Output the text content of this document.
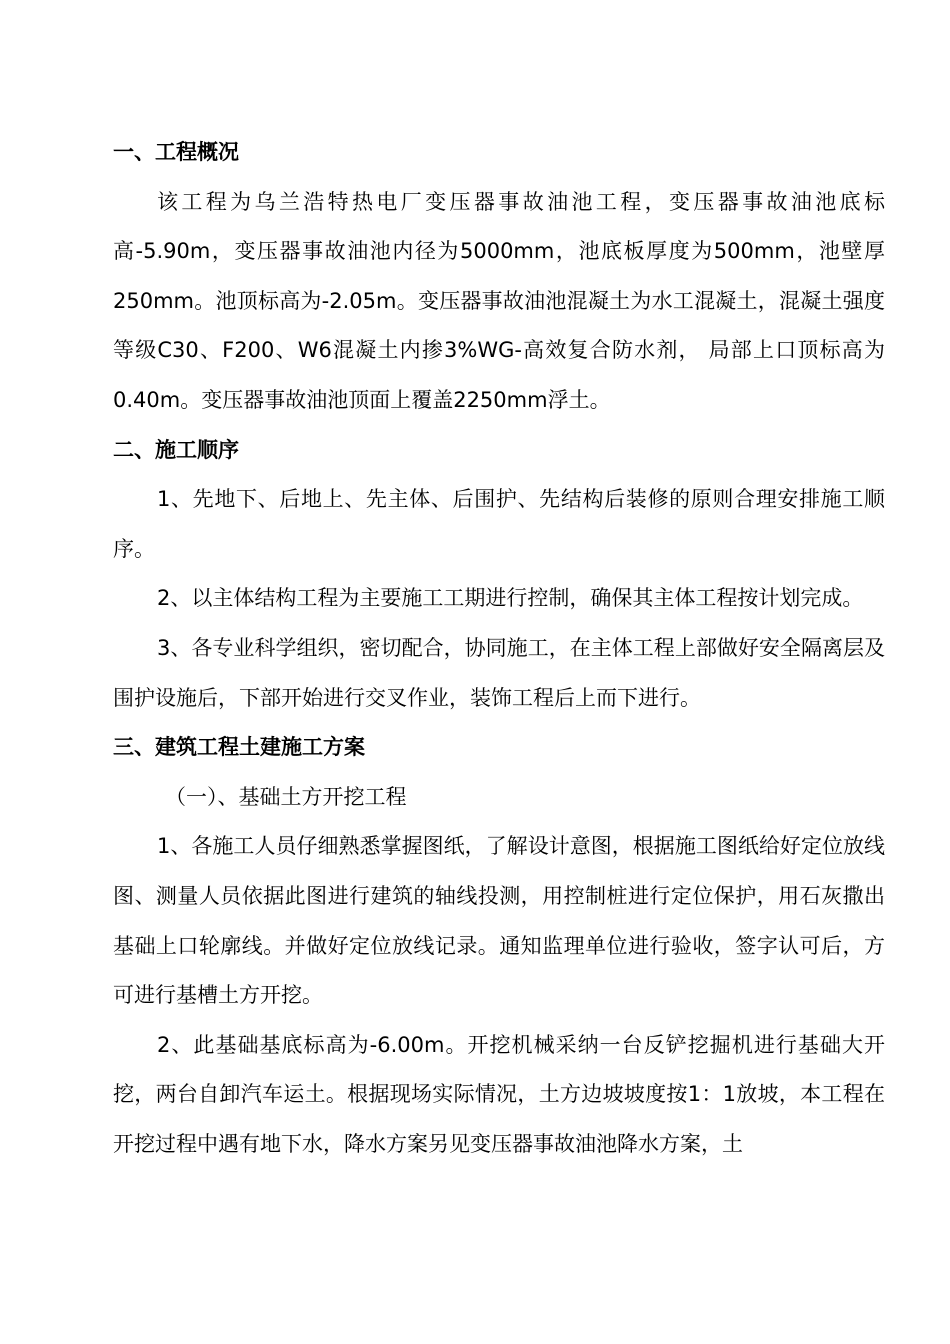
一、工程概况

该工程为乌兰浩特热电厂变压器事故油池工程，变压器事故油池底标高-5.90m，变压器事故油池内径为5000mm，池底板厚度为500mm，池壁厚250mm。池顶标高为-2.05m。变压器事故油池混凝土为水工混凝土，混凝土强度等级C30、F200、W6混凝土内掺3%WG-高效复合防水剂， 局部上口顶标高为0.40m。变压器事故油池顶面上覆盖2250mm浮土。

二、施工顺序

1、先地下、后地上、先主体、后围护、先结构后装修的原则合理安排施工顺序。

2、以主体结构工程为主要施工工期进行控制，确保其主体工程按计划完成。

3、各专业科学组织，密切配合，协同施工，在主体工程上部做好安全隔离层及围护设施后，下部开始进行交叉作业，装饰工程后上而下进行。

三、建筑工程土建施工方案

（一）、基础土方开挖工程

1、各施工人员仔细熟悉掌握图纸，了解设计意图，根据施工图纸给好定位放线图、测量人员依据此图进行建筑的轴线投测，用控制桩进行定位保护，用石灰撒出基础上口轮廓线。并做好定位放线记录。通知监理单位进行验收，签字认可后，方可进行基槽土方开挖。

2、此基础基底标高为-6.00m。开挖机械采纳一台反铲挖掘机进行基础大开挖，两台自卸汽车运土。根据现场实际情况，土方边坡坡度按1：1放坡，本工程在开挖过程中遇有地下水，降水方案另见变压器事故油池降水方案，土
